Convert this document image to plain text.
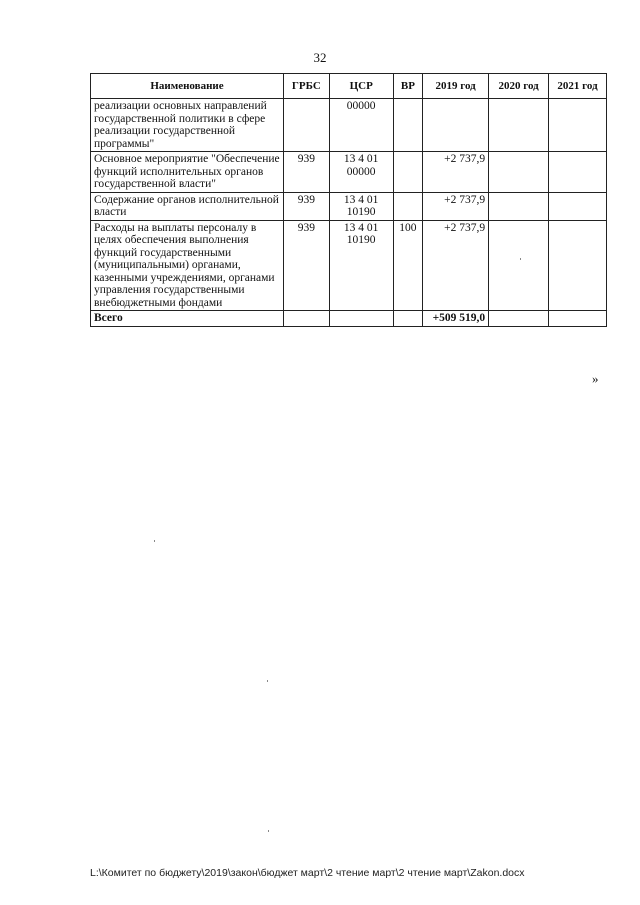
32
Наименование	ГРБС	ЦСР	ВР	2019 год	2020 год	2021 год
реализации основных направлений государственной политики в сфере реализации государственной программы"		00000				
Основное мероприятие "Обеспечение функций исполнительных органов государственной власти"	939	13 4 01 00000		+2 737,9		
Содержание органов исполнительной власти	939	13 4 01 10190		+2 737,9		
Расходы на выплаты персоналу в целях обеспечения выполнения функций государственными (муниципальными) органами, казенными учреждениями, органами управления государственными внебюджетными фондами	939	13 4 01 10190	100	+2 737,9		
Всего				+509 519,0		
»
L:\Комитет по бюджету\2019\закон\бюджет март\2 чтение март\2 чтение март\Zakon.docx
